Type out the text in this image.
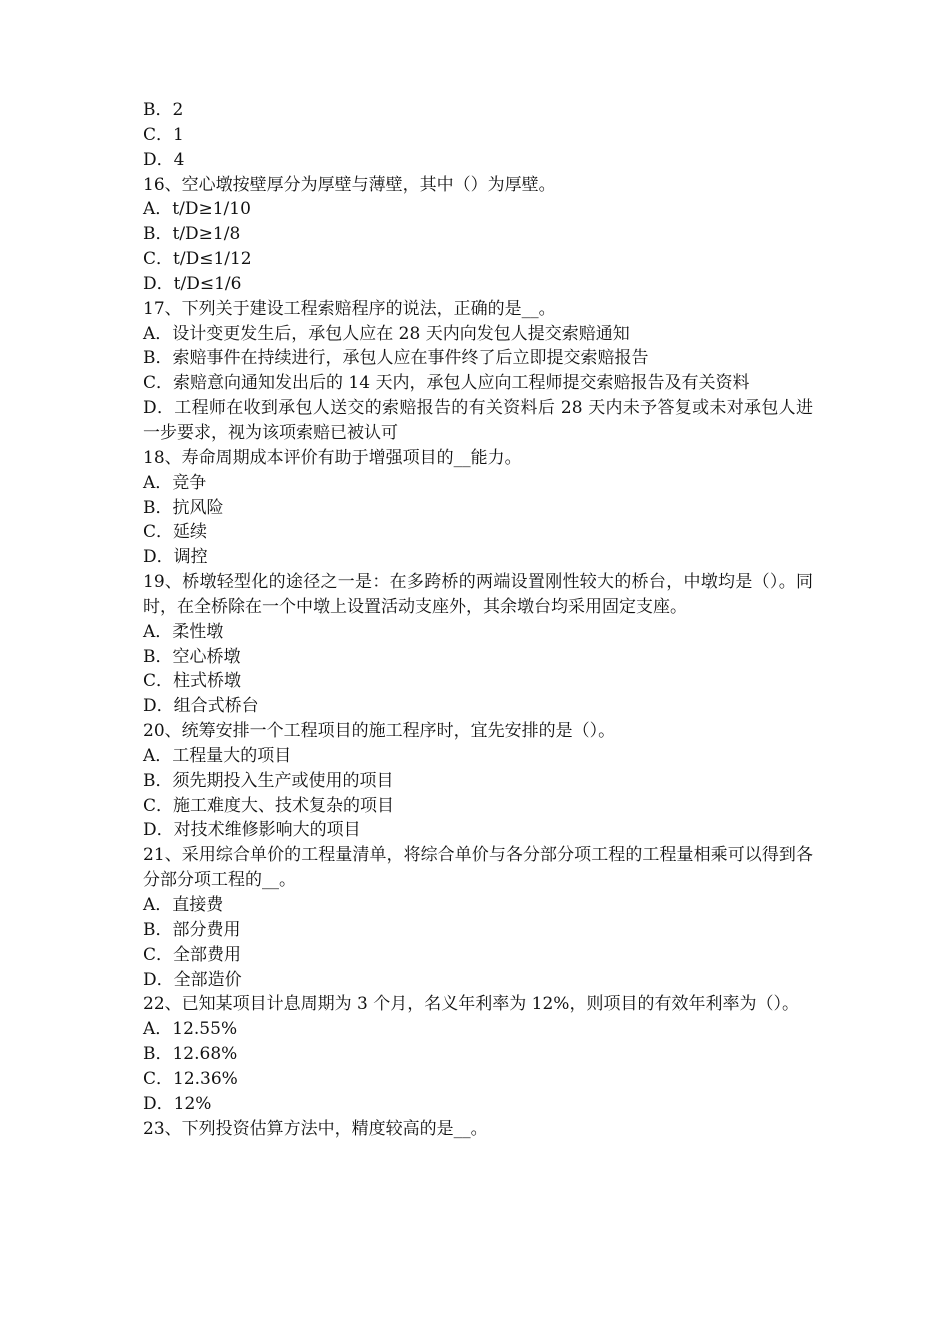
B．2

C．1

D．4

16、空心墩按壁厚分为厚壁与薄壁，其中（）为厚壁。

A．t/D≥1/10

B．t/D≥1/8

C．t/D≤1/12

D．t/D≤1/6

17、下列关于建设工程索赔程序的说法，正确的是__。

A．设计变更发生后，承包人应在 28 天内向发包人提交索赔通知

B．索赔事件在持续进行，承包人应在事件终了后立即提交索赔报告

C．索赔意向通知发出后的 14 天内，承包人应向工程师提交索赔报告及有关资料

D．工程师在收到承包人送交的索赔报告的有关资料后 28 天内未予答复或未对承包人进一步要求，视为该项索赔已被认可

18、寿命周期成本评价有助于增强项目的__能力。

A．竞争

B．抗风险

C．延续

D．调控

19、桥墩轻型化的途径之一是：在多跨桥的两端设置刚性较大的桥台，中墩均是（）。同时，在全桥除在一个中墩上设置活动支座外，其余墩台均采用固定支座。

A．柔性墩

B．空心桥墩

C．柱式桥墩

D．组合式桥台

20、统筹安排一个工程项目的施工程序时，宜先安排的是（）。

A．工程量大的项目

B．须先期投入生产或使用的项目

C．施工难度大、技术复杂的项目

D．对技术维修影响大的项目

21、采用综合单价的工程量清单，将综合单价与各分部分项工程的工程量相乘可以得到各分部分项工程的__。

A．直接费

B．部分费用

C．全部费用

D．全部造价

22、已知某项目计息周期为 3 个月，名义年利率为 12%，则项目的有效年利率为（）。

A．12.55%

B．12.68%

C．12.36%

D．12%

23、下列投资估算方法中，精度较高的是__。
